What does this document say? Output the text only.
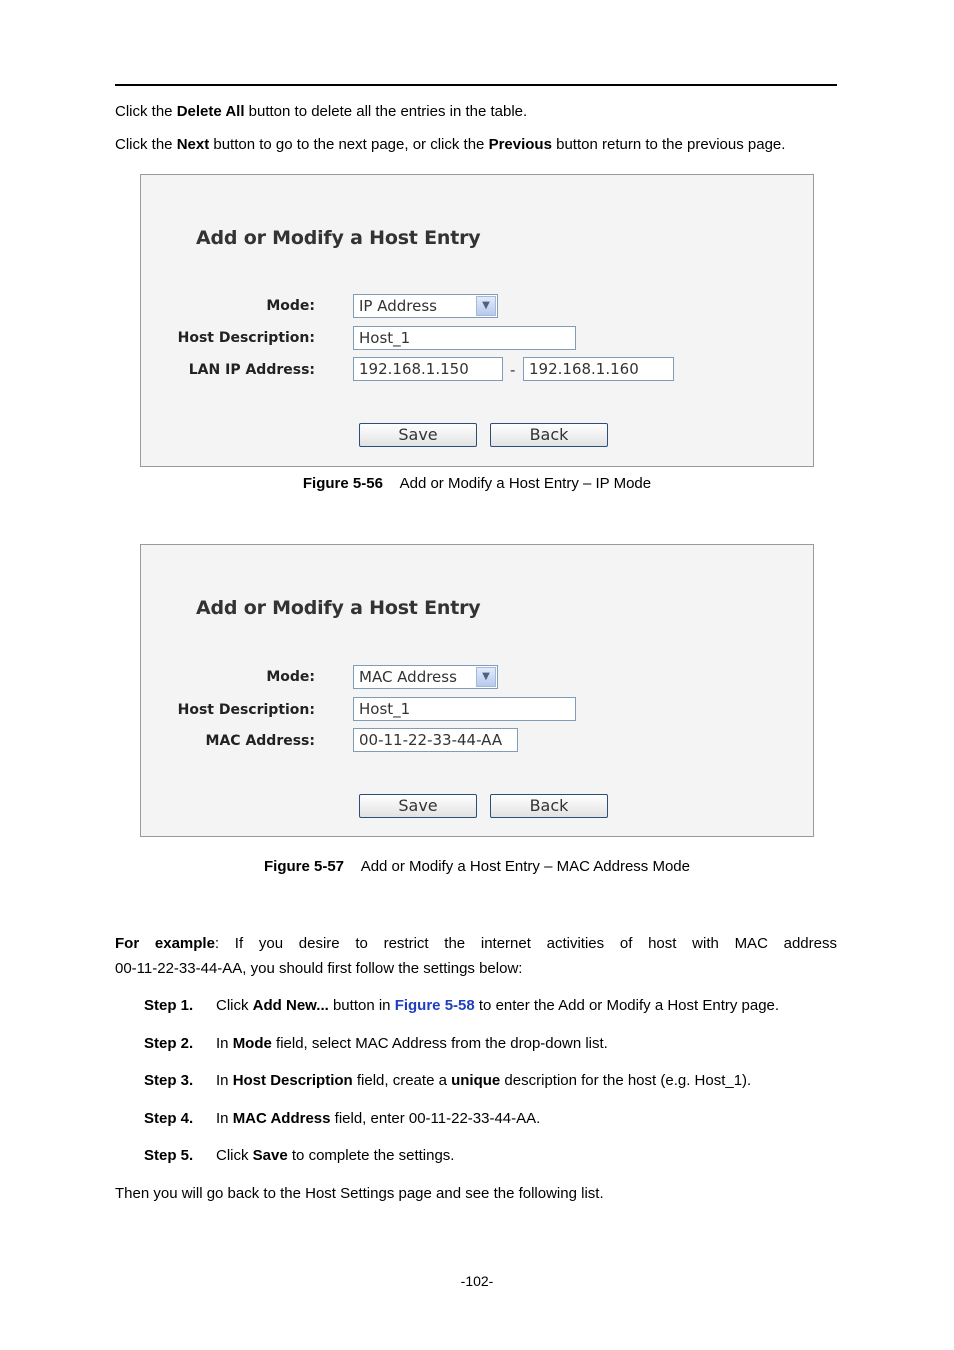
Click the Delete All button to delete all the entries in the table.

Click the Next button to go to the next page, or click the Previous button return to the previous page.

Add or Modify a Host Entry
Mode:	IP Address	▼
Host Description:	Host_1
LAN IP Address:	192.168.1.150	- 192.168.1.160
Save	Back

Figure 5-56 Add or Modify a Host Entry – IP Mode

Add or Modify a Host Entry
Mode:	MAC Address	▼
Host Description:	Host_1
MAC Address:	00-11-22-33-44-AA
Save	Back

Figure 5-57 Add or Modify a Host Entry – MAC Address Mode

For example: If you desire to restrict the internet activities of host with MAC address

00-11-22-33-44-AA, you should first follow the settings below:

Step 1. Click Add New... button in Figure 5-58 to enter the Add or Modify a Host Entry page.

Step 2. In Mode field, select MAC Address from the drop-down list.

Step 3. In Host Description field, create a unique description for the host (e.g. Host_1).

Step 4. In MAC Address field, enter 00-11-22-33-44-AA.

Step 5. Click Save to complete the settings.

Then you will go back to the Host Settings page and see the following list.

-102-
